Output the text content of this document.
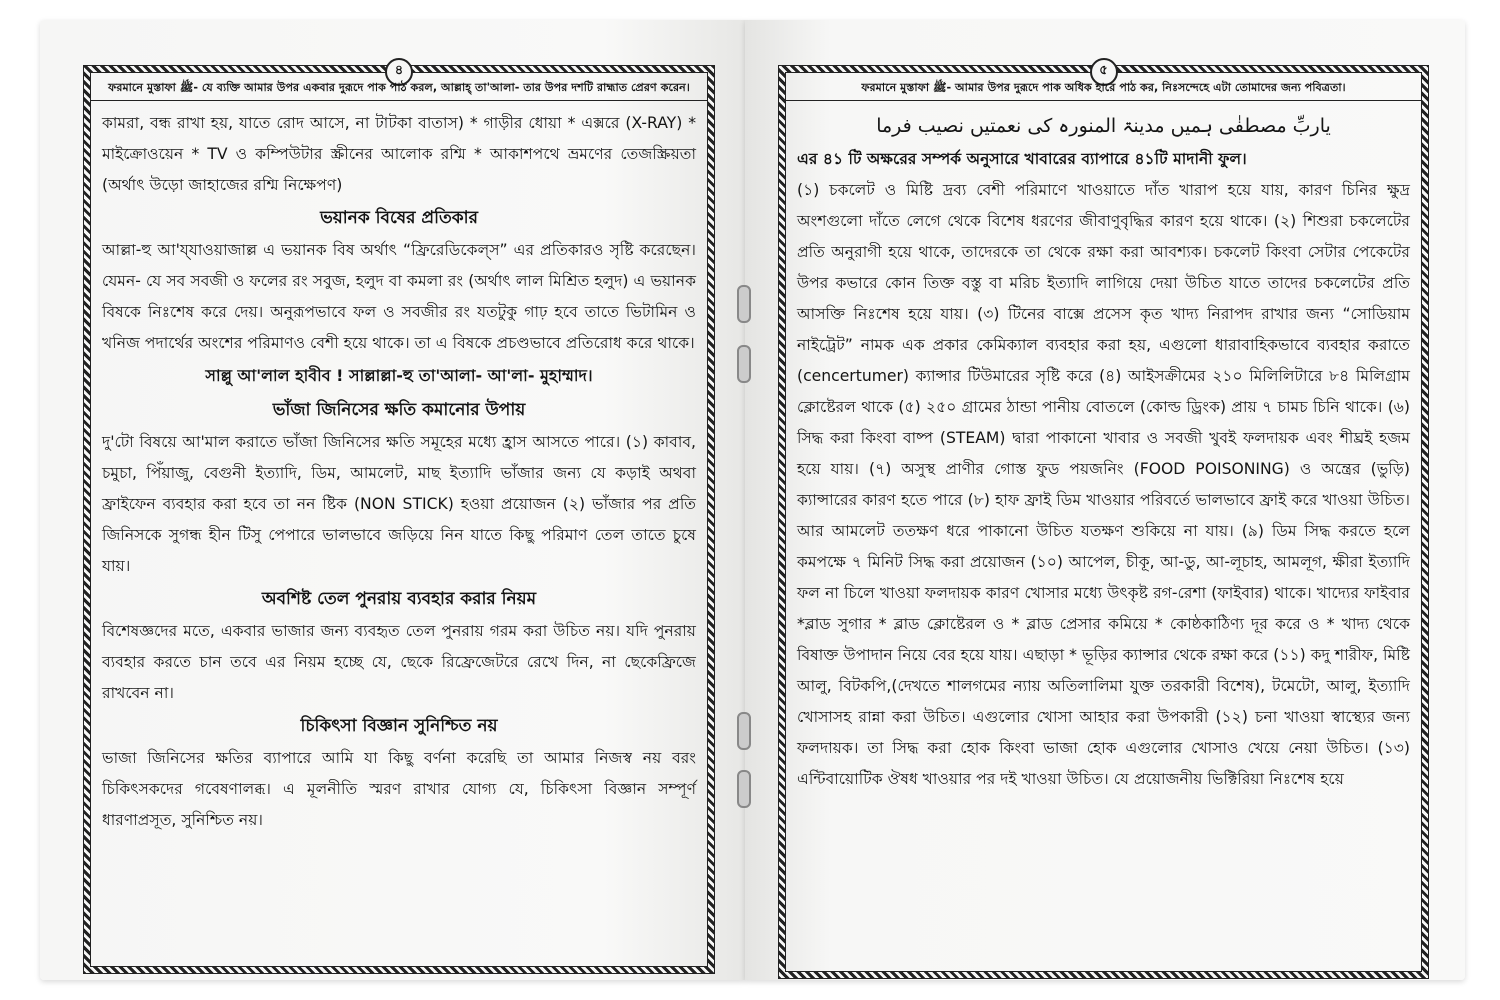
৪
ফরমানে মুস্তাফা ﷺ- যে ব্যক্তি আমার উপর একবার দুরূদে পাক পাঠ করল, আল্লাহ্ তা'আলা- তার উপর দশটি রাহ্মাত প্রেরণ করেন।

কামরা, বন্ধ রাখা হয়, যাতে রোদ আসে, না টাটকা বাতাস) * গাড়ীর ধোয়া * এক্সরে (X-RAY) * মাইক্রোওয়েন * TV ও কম্পিউটার স্ক্রীনের আলোক রশ্মি * আকাশপথে ভ্রমণের তেজস্ক্রিয়তা (অর্থাৎ উড়ো জাহাজের রশ্মি নিক্ষেপণ)

ভয়ানক বিষের প্রতিকার

আল্লা-হু আ'য্‌যাওয়াজাল্ল এ ভয়ানক বিষ অর্থাৎ “ফ্রিরেডিকেল্‌স” এর প্রতিকারও সৃষ্টি করেছেন। যেমন- যে সব সবজী ও ফলের রং সবুজ, হলুদ বা কমলা রং (অর্থাৎ লাল মিশ্রিত হলুদ) এ ভয়ানক বিষকে নিঃশেষ করে দেয়। অনুরূপভাবে ফল ও সবজীর রং যতটুকু গাঢ় হবে তাতে ভিটামিন ও খনিজ পদার্থের অংশের পরিমাণও বেশী হয়ে থাকে। তা এ বিষকে প্রচণ্ডভাবে প্রতিরোধ করে থাকে।

সাল্লু আ'লাল হাবীব ! সাল্লাল্লা-হু তা'আলা- আ'লা- মুহাম্মাদ।
ভাঁজা জিনিসের ক্ষতি কমানোর উপায়

দু'টো বিষয়ে আ'মাল করাতে ভাঁজা জিনিসের ক্ষতি সমূহের মধ্যে হ্রাস আসতে পারে। (১) কাবাব, চমুচা, পিঁয়াজু, বেগুনী ইত্যাদি, ডিম, আমলেট, মাছ ইত্যাদি ভাঁজার জন্য যে কড়াই অথবা ফ্রাইফেন ব্যবহার করা হবে তা নন ষ্টিক (NON STICK) হওয়া প্রয়োজন (২) ভাঁজার পর প্রতি জিনিসকে সুগন্ধ হীন টিসু পেপারে ভালভাবে জড়িয়ে নিন যাতে কিছু পরিমাণ তেল তাতে চুষে যায়।

অবশিষ্ট তেল পুনরায় ব্যবহার করার নিয়ম

বিশেষজ্ঞদের মতে, একবার ভাজার জন্য ব্যবহৃত তেল পুনরায় গরম করা উচিত নয়। যদি পুনরায় ব্যবহার করতে চান তবে এর নিয়ম হচ্ছে যে, ছেকে রিফ্রেজেটরে রেখে দিন, না ছেকেফ্রিজে রাখবেন না।

চিকিৎসা বিজ্ঞান সুনিশ্চিত নয়

ভাজা জিনিসের ক্ষতির ব্যাপারে আমি যা কিছু বর্ণনা করেছি তা আমার নিজস্ব নয় বরং চিকিৎসকদের গবেষণালব্ধ। এ মূলনীতি স্মরণ রাখার যোগ্য যে, চিকিৎসা বিজ্ঞান সম্পূর্ণ ধারণাপ্রসূত, সুনিশ্চিত নয়।

৫
ফরমানে মুস্তাফা ﷺ- আমার উপর দুরূদে পাক অধিক হারে পাঠ কর, নিঃসন্দেহে এটা তোমাদের জন্য পবিত্রতা।
یاربِّ مصطفٰی ہمیں مدینۃ المنورہ کی نعمتیں نصیب فرما

এর ৪১ টি অক্ষরের সম্পর্ক অনুসারে খাবারের ব্যাপারে ৪১টি মাদানী ফুল।

(১) চকলেট ও মিষ্টি দ্রব্য বেশী পরিমাণে খাওয়াতে দাঁত খারাপ হয়ে যায়, কারণ চিনির ক্ষুদ্র অংশগুলো দাঁতে লেগে থেকে বিশেষ ধরণের জীবাণুবৃদ্ধির কারণ হয়ে থাকে। (২) শিশুরা চকলেটের প্রতি অনুরাগী হয়ে থাকে, তাদেরকে তা থেকে রক্ষা করা আবশ্যক। চকলেট কিংবা সেটার পেকেটের উপর কভারে কোন তিক্ত বস্তু বা মরিচ ইত্যাদি লাগিয়ে দেয়া উচিত যাতে তাদের চকলেটের প্রতি আসক্তি নিঃশেষ হয়ে যায়। (৩) টিনের বাক্সে প্রসেস কৃত খাদ্য নিরাপদ রাখার জন্য “সোডিয়াম নাইট্রেট” নামক এক প্রকার কেমিক্যাল ব্যবহার করা হয়, এগুলো ধারাবাহিকভাবে ব্যবহার করাতে (cencertumer) ক্যান্সার টিউমারের সৃষ্টি করে (৪) আইসক্রীমের ২১০ মিলিলিটারে ৮৪ মিলিগ্রাম ক্লোষ্টেরল থাকে (৫) ২৫০ গ্রামের ঠান্ডা পানীয় বোতলে (কোল্ড ড্রিংক) প্রায় ৭ চামচ চিনি থাকে। (৬) সিদ্ধ করা কিংবা বাষ্প (STEAM) দ্বারা পাকানো খাবার ও সবজী খুবই ফলদায়ক এবং শীঘ্রই হজম হয়ে যায়। (৭) অসুস্থ প্রাণীর গোস্ত ফুড পয়জনিং (FOOD POISONING) ও অন্ত্রের (ভুড়ি) ক্যান্সারের কারণ হতে পারে (৮) হাফ ফ্রাই ডিম খাওয়ার পরিবর্তে ভালভাবে ফ্রাই করে খাওয়া উচিত। আর আমলেট ততক্ষণ ধরে পাকানো উচিত যতক্ষণ শুকিয়ে না যায়। (৯) ডিম সিদ্ধ করতে হলে কমপক্ষে ৭ মিনিট সিদ্ধ করা প্রয়োজন (১০) আপেল, চীকূ, আ-ডু, আ-লূচাহ, আমলূগ, ক্ষীরা ইত্যাদি ফল না চিলে খাওয়া ফলদায়ক কারণ খোসার মধ্যে উৎকৃষ্ট রগ-রেশা (ফাইবার) থাকে। খাদ্যের ফাইবার *ব্লাড সুগার * ব্লাড ক্লোষ্টেরল ও * ব্লাড প্রেসার কমিয়ে * কোষ্ঠকাঠিণ্য দূর করে ও * খাদ্য থেকে বিষাক্ত উপাদান নিয়ে বের হয়ে যায়। এছাড়া * ভূড়ির ক্যান্সার থেকে রক্ষা করে (১১) কদু শারীফ, মিষ্টি আলু, বিটকপি,(দেখতে শালগমের ন্যায় অতিলালিমা যুক্ত তরকারী বিশেষ), টমেটো, আলু, ইত্যাদি খোসাসহ রান্না করা উচিত। এগুলোর খোসা আহার করা উপকারী (১২) চনা খাওয়া স্বাস্থ্যের জন্য ফলদায়ক। তা সিদ্ধ করা হোক কিংবা ভাজা হোক এগুলোর খোসাও খেয়ে নেয়া উচিত। (১৩) এন্টিবায়োটিক ঔষধ খাওয়ার পর দই খাওয়া উচিত। যে প্রয়োজনীয় ভিক্টিরিয়া নিঃশেষ হয়ে
